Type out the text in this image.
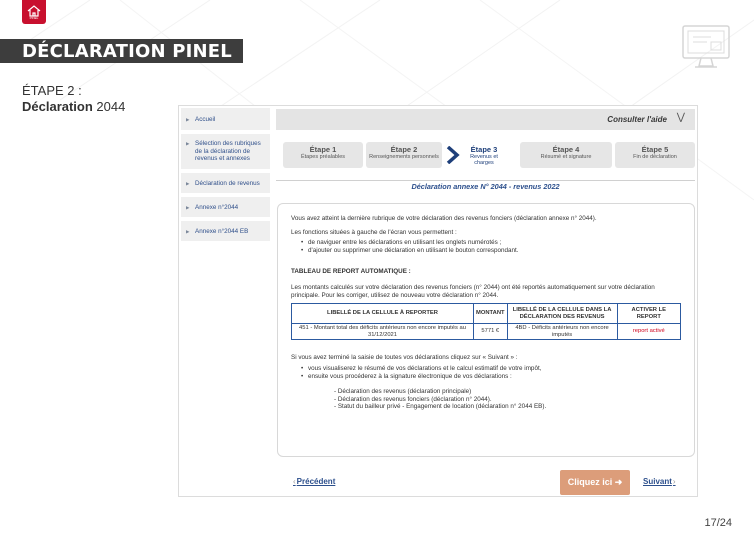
PINEL
DÉCLARATION PINEL
ÉTAPE 2 :
Déclaration 2044
▶ Accueil
▶ Sélection des rubriques de la déclaration de revenus et annexes
▶ Déclaration de revenus
▶ Annexe n°2044
▶ Annexe n°2044 EB
Consulter l'aide ⋁
Étape 1
Étapes préalables
Étape 2
Renseignements personnels
Étape 3
Revenus et charges
Étape 4
Résumé et signature
Étape 5
Fin de déclaration
Déclaration annexe N° 2044 - revenus 2022

Vous avez atteint la dernière rubrique de votre déclaration des revenus fonciers (déclaration annexe n° 2044).

Les fonctions situées à gauche de l'écran vous permettent :

• de naviguer entre les déclarations en utilisant les onglets numérotés ;
• d'ajouter ou supprimer une déclaration en utilisant le bouton correspondant.

TABLEAU DE REPORT AUTOMATIQUE :

Les montants calculés sur votre déclaration des revenus fonciers (n° 2044) ont été reportés automatiquement sur votre déclaration principale. Pour les corriger, utilisez de nouveau votre déclaration n° 2044.

LIBELLÉ DE LA CELLULE À REPORTER	MONTANT	LIBELLÉ DE LA CELLULE DANS LA DÉCLARATION DES REVENUS	ACTIVER LE REPORT
451 - Montant total des déficits antérieurs non encore imputés au 31/12/2021	5771 €	4BD - Déficits antérieurs non encore imputés	report activé

Si vous avez terminé la saisie de toutes vos déclarations cliquez sur « Suivant » :

• vous visualiserez le résumé de vos déclarations et le calcul estimatif de votre impôt,
• ensuite vous procéderez à la signature électronique de vos déclarations :
- Déclaration des revenus (déclaration principale)
- Déclaration des revenus fonciers (déclaration n° 2044).
- Statut du bailleur privé - Engagement de location (déclaration n° 2044 EB).
‹Précédent	Cliquez ici ➜	Suivant›
17/24
